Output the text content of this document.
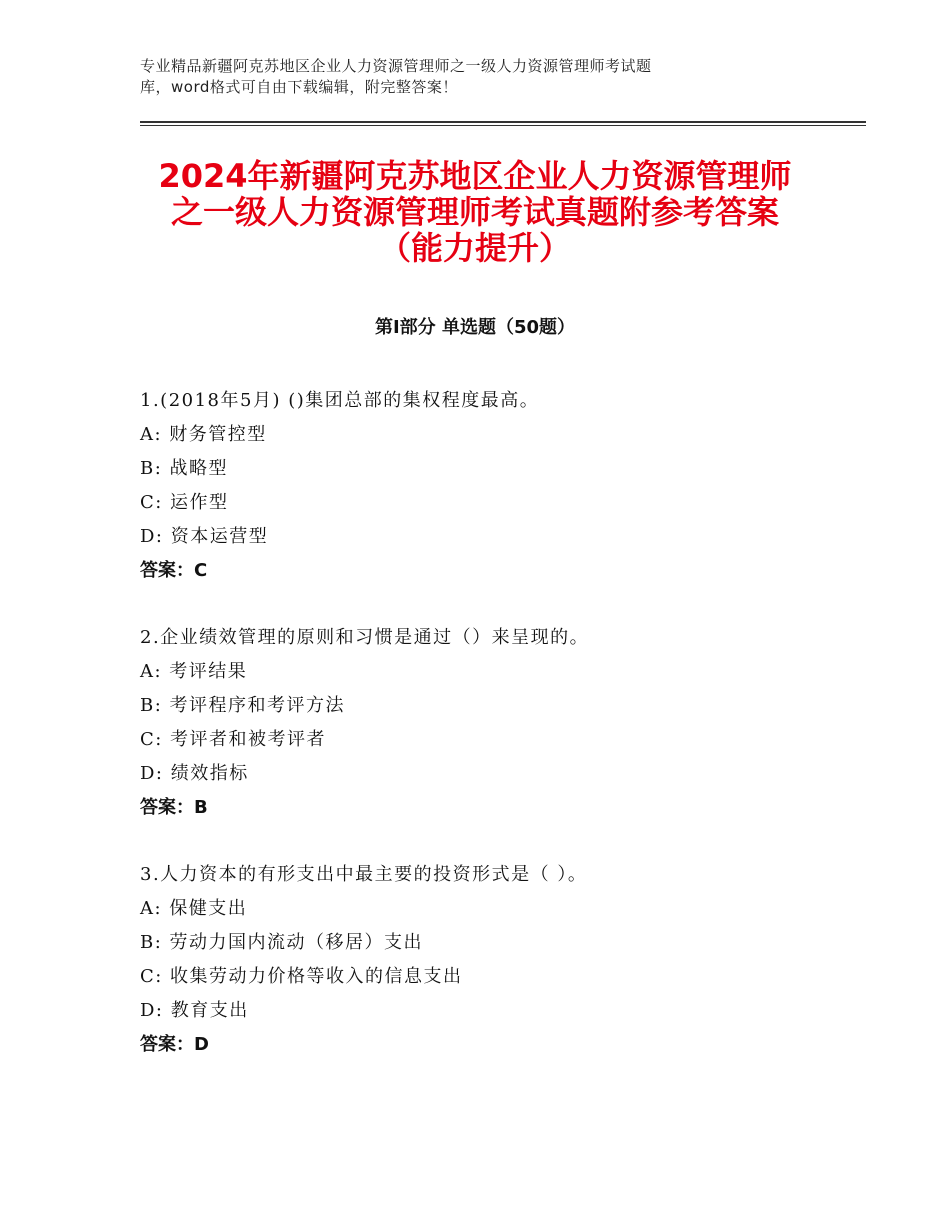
专业精品新疆阿克苏地区企业人力资源管理师之一级人力资源管理师考试题
库，word格式可自由下载编辑，附完整答案！
2024年新疆阿克苏地区企业人力资源管理师
之一级人力资源管理师考试真题附参考答案
（能力提升）
第Ⅰ部分 单选题（50题）
1.(2018年5月) ()集团总部的集权程度最高。
A: 财务管控型
B: 战略型
C: 运作型
D: 资本运营型
答案：C
2.企业绩效管理的原则和习惯是通过（）来呈现的。
A: 考评结果
B: 考评程序和考评方法
C: 考评者和被考评者
D: 绩效指标
答案：B
3.人力资本的有形支出中最主要的投资形式是（ ）。
A: 保健支出
B: 劳动力国内流动（移居）支出
C: 收集劳动力价格等收入的信息支出
D: 教育支出
答案：D
